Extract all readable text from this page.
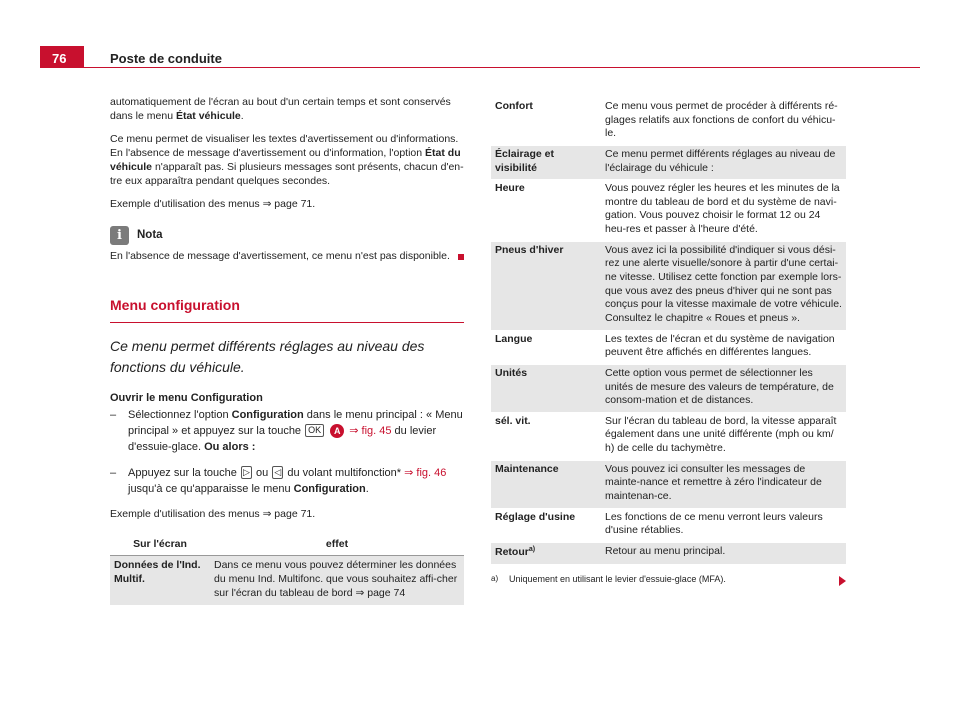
76	Poste de conduite

automatiquement de l'écran au bout d'un certain temps et sont conservés dans le menu État véhicule.

Ce menu permet de visualiser les textes d'avertissement ou d'informations. En l'absence de message d'avertissement ou d'information, l'option État du véhicule n'apparaît pas. Si plusieurs messages sont présents, chacun d'en-tre eux apparaîtra pendant quelques secondes.

Exemple d'utilisation des menus ⇒ page 71.

i	Nota
En l'absence de message d'avertissement, ce menu n'est pas disponible.
Menu configuration
Ce menu permet différents réglages au niveau des fonctions du véhicule.
Ouvrir le menu Configuration
– Sélectionnez l'option Configuration dans le menu principal : « Menu principal » et appuyez sur la touche OK A ⇒ fig. 45 du levier d'essuie-glace. Ou alors :
– Appuyez sur la touche ▷ ou ◁ du volant multifonction* ⇒ fig. 46 jusqu'à ce qu'apparaisse le menu Configuration.

Exemple d'utilisation des menus ⇒ page 71.

Sur l'écran	effet
Données de l'Ind. Multif.	Dans ce menu vous pouvez déterminer les données du menu Ind. Multifonc. que vous souhaitez affi-cher sur l'écran du tableau de bord ⇒ page 74
Confort	Ce menu vous permet de procéder à différents ré-glages relatifs aux fonctions de confort du véhicu-le.
Éclairage et visibilité	Ce menu permet différents réglages au niveau de l'éclairage du véhicule :
Heure	Vous pouvez régler les heures et les minutes de la montre du tableau de bord et du système de navi-gation. Vous pouvez choisir le format 12 ou 24 heu-res et passer à l'heure d'été.
Pneus d'hiver	Vous avez ici la possibilité d'indiquer si vous dési-rez une alerte visuelle/sonore à partir d'une certai-ne vitesse. Utilisez cette fonction par exemple lors-que vous avez des pneus d'hiver qui ne sont pas conçus pour la vitesse maximale de votre véhicule. Consultez le chapitre « Roues et pneus ».
Langue	Les textes de l'écran et du système de navigation peuvent être affichés en différentes langues.
Unités	Cette option vous permet de sélectionner les unités de mesure des valeurs de température, de consom-mation et de distances.
sél. vit.	Sur l'écran du tableau de bord, la vitesse apparaît également dans une unité différente (mph ou km/ h) de celle du tachymètre.
Maintenance	Vous pouvez ici consulter les messages de mainte-nance et remettre à zéro l'indicateur de maintenan-ce.
Réglage d'usine	Les fonctions de ce menu verront leurs valeurs d'usine rétablies.
Retour$^{a)}$	Retour au menu principal.
a)	Uniquement en utilisant le levier d'essuie-glace (MFA).
